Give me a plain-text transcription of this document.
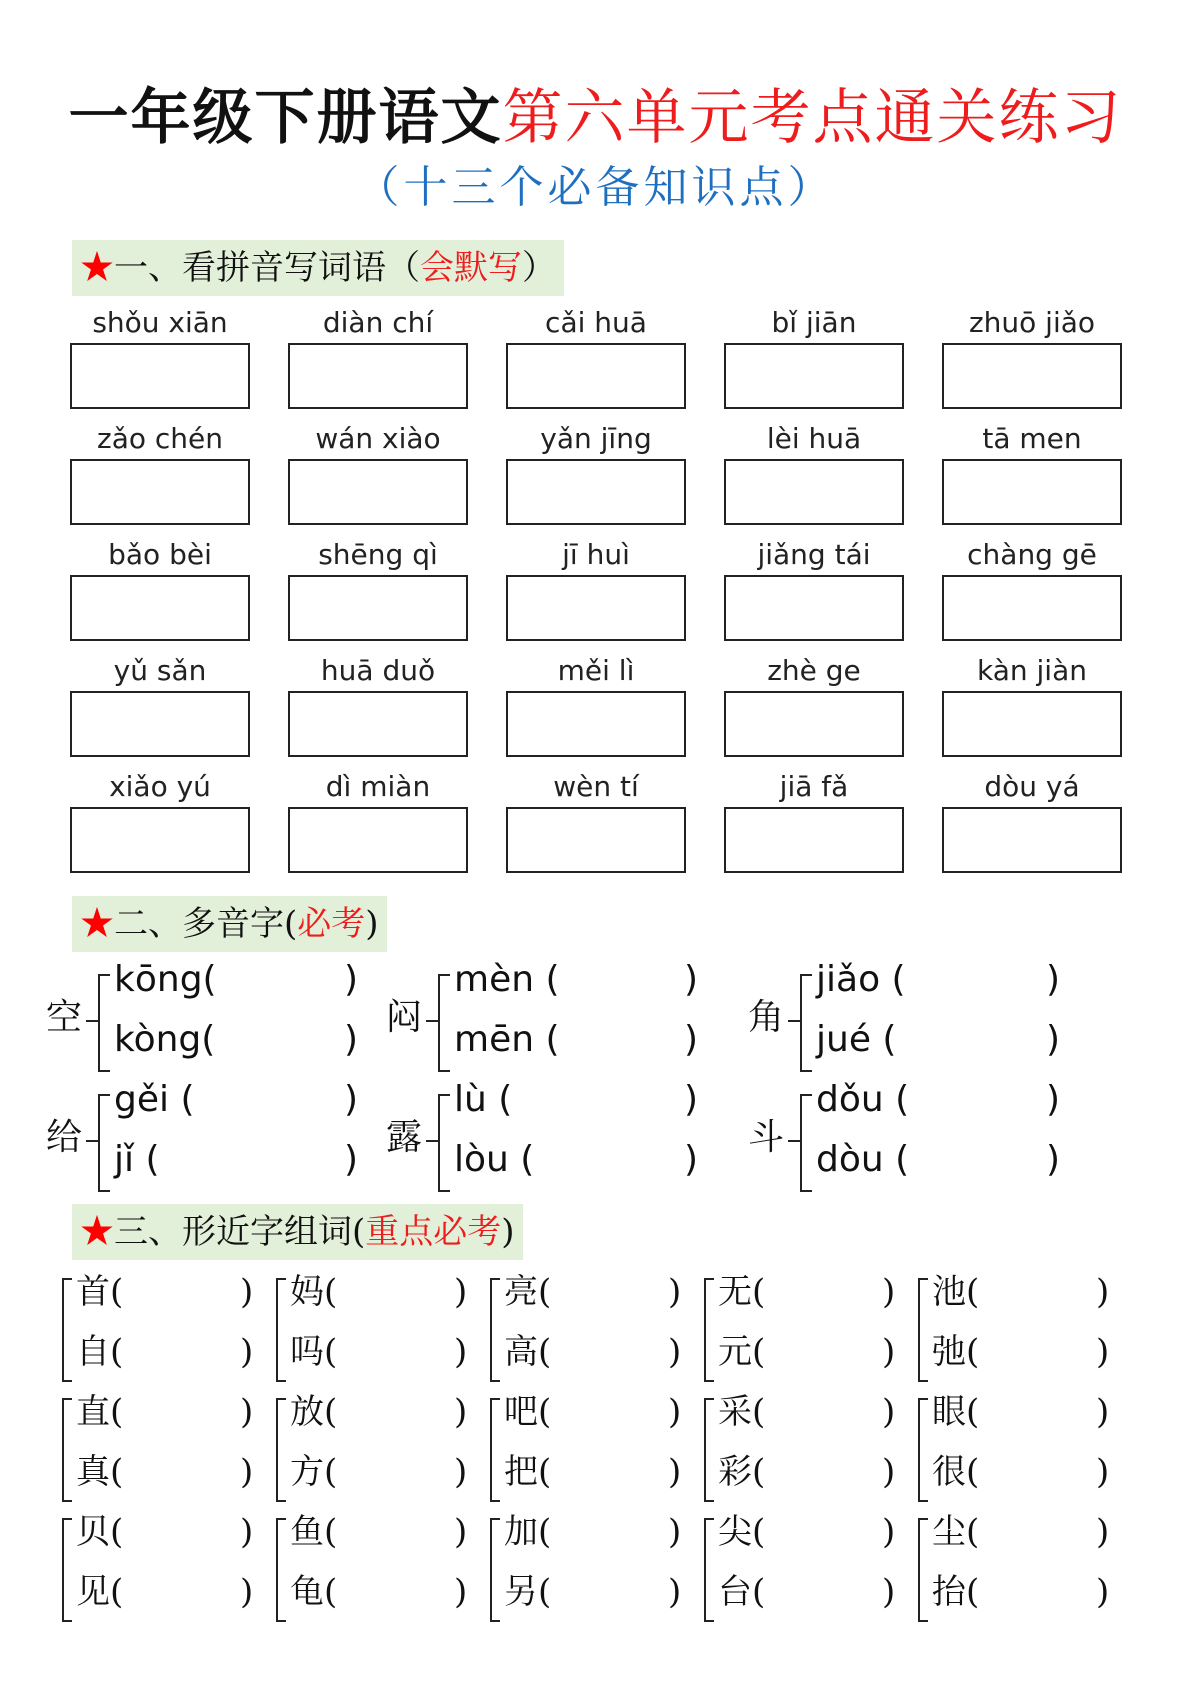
一年级下册语文第六单元考点通关练习
（十三个必备知识点）
★一、看拼音写词语（会默写）
shǒu xiān	diàn chí	cǎi huā	bǐ jiān	zhuō jiǎo
zǎo chén	wán xiào	yǎn jīng	lèi huā	tā men
bǎo bèi	shēng qì	jī huì	jiǎng tái	chàng gē
yǔ sǎn	huā duǒ	měi lì	zhè ge	kàn jiàn
xiǎo yú	dì miàn	wèn tí	jiā fǎ	dòu yá
★二、多音字(必考)
空
kōng(	)
kòng(	)
闷
mèn (	)
mēn (	)
角
jiǎo (	)
jué (	)
给
gěi (	)
jǐ (	)
露
lù (	)
lòu (	)
斗
dǒu (	)
dòu (	)
★三、形近字组词(重点必考)
首(	)
自(	)
妈(	)
吗(	)
亮(	)
高(	)
无(	)
元(	)
池(	)
弛(	)
直(	)
真(	)
放(	)
方(	)
吧(	)
把(	)
采(	)
彩(	)
眼(	)
很(	)
贝(	)
见(	)
鱼(	)
龟(	)
加(	)
另(	)
尖(	)
台(	)
尘(	)
抬(	)
